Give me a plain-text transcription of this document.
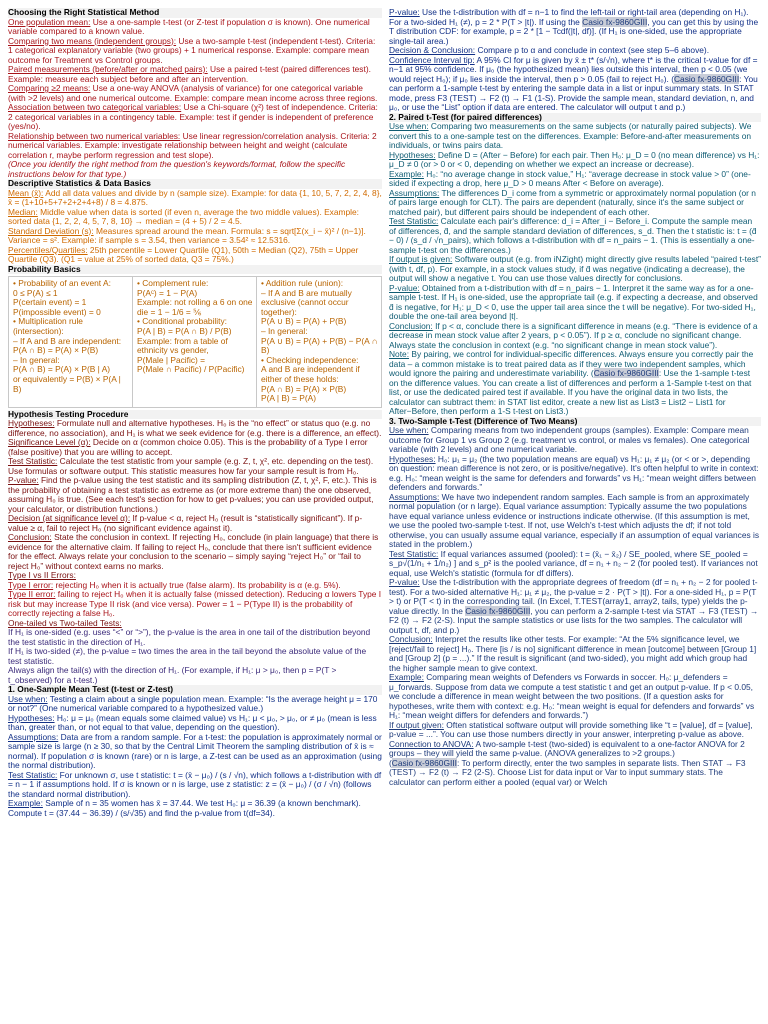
Choosing the Right Statistical Method

One population mean: Use a one-sample t-test (or Z-test if population σ is known). One numerical variable compared to a known value.

Comparing two means (independent groups): Use a two-sample t-test (independent t-test). Criteria: 1 categorical explanatory variable (two groups) + 1 numerical response. Example: compare mean outcome for Treatment vs Control groups.

Paired measurements (before/after or matched pairs): Use a paired t-test (paired differences test). Example: measure each subject before and after an intervention.

Comparing ≥2 means: Use a one-way ANOVA (analysis of variance) for one categorical variable (with >2 levels) and one numerical outcome. Example: compare mean income across three regions.

Association between two categorical variables: Use a Chi-square (χ²) test of independence. Criteria: 2 categorical variables in a contingency table. Example: test if gender is independent of preference (yes/no).

Relationship between two numerical variables: Use linear regression/correlation analysis. Criteria: 2 numerical variables. Example: investigate relationship between height and weight (calculate correlation r, maybe perform regression and test slope).

(Once you identify the right method from the question's keywords/format, follow the specific instructions below for that type.)

Descriptive Statistics & Data Basics

Mean (x̄): Add all data values and divide by n (sample size). Example: for data {1, 10, 5, 7, 2, 2, 4, 8}, x̄ = (1+10+5+7+2+2+4+8) / 8 = 4.875.

Median: Middle value when data is sorted (if even n, average the two middle values). Example: sorted data {1, 2, 2, 4, 5, 7, 8, 10} → median = (4 + 5) / 2 = 4.5.

Standard Deviation (s): Measures spread around the mean. Formula: s = sqrt[Σ(x_i − x̄)² / (n−1)]. Variance = s². Example: if sample s = 3.54, then variance = 3.54² ≈ 12.5316.

Percentiles/Quartiles: 25th percentile = Lower Quartile (Q1), 50th = Median (Q2), 75th = Upper Quartile (Q3). (Q1 = value at 25% of sorted data, Q3 = 75%.)

Probability Basics

• Probability of an event A:
0 ≤ P(A) ≤ 1
P(certain event) = 1
P(impossible event) = 0
• Multiplication rule (intersection):
– If A and B are independent:
P(A ∩ B) = P(A) × P(B)
– In general:
P(A ∩ B) = P(A) × P(B | A)
or equivalently = P(B) × P(A | B)
• Complement rule:
P(Aᶜ) = 1 − P(A)
Example: not rolling a 6 on one die = 1 − 1/6 = ⅚
• Conditional probability:
P(A | B) = P(A ∩ B) / P(B)
Example: from a table of ethnicity vs gender,
P(Male | Pacific) =
P(Male ∩ Pacific) / P(Pacific)
• Addition rule (union):
– If A and B are mutually exclusive (cannot occur together):
P(A ∪ B) = P(A) + P(B)
– In general:
P(A ∪ B) = P(A) + P(B) − P(A ∩ B)
• Checking independence:
A and B are independent if either of these holds:
P(A ∩ B) = P(A) × P(B)
P(A | B) = P(A)

Hypothesis Testing Procedure

Hypotheses: Formulate null and alternative hypotheses. H₀ is the “no effect” or status quo (e.g. no difference, no association), and H₁ is what we seek evidence for (e.g. there is a difference, an effect).

Significance Level (α): Decide on α (common choice 0.05). This is the probability of a Type I error (false positive) that you are willing to accept.

Test Statistic: Calculate the test statistic from your sample (e.g. Z, t, χ², etc. depending on the test). Use formulas or software output. This statistic measures how far your sample result is from H₀.

P-value: Find the p-value using the test statistic and its sampling distribution (Z, t, χ², F, etc.). This is the probability of obtaining a test statistic as extreme as (or more extreme than) the one observed, assuming H₀ is true. (See each test's section for how to get p-values; you can use provided output, your calculator, or distribution functions.)

Decision (at significance level α): If p-value < α, reject H₀ (result is “statistically significant”). If p-value ≥ α, fail to reject H₀ (no significant evidence against it).

Conclusion: State the conclusion in context. If rejecting H₀, conclude (in plain language) that there is evidence for the alternative claim. If failing to reject H₀, conclude that there isn't sufficient evidence for the effect. Always relate your conclusion to the scenario – simply saying “reject H₀” or “fail to reject H₀” without context earns no marks.

Type I vs II Errors:

Type I error: rejecting H₀ when it is actually true (false alarm). Its probability is α (e.g. 5%).

Type II error: failing to reject H₀ when it is actually false (missed detection). Reducing α lowers Type I risk but may increase Type II risk (and vice versa). Power = 1 − P(Type II) is the probability of correctly rejecting a false H₀.

One-tailed vs Two-tailed Tests:

If H₁ is one-sided (e.g. uses “<” or “>”), the p-value is the area in one tail of the distribution beyond the test statistic in the direction of H₁.

If H₁ is two-sided (≠), the p-value = two times the area in the tail beyond the absolute value of the test statistic.

Always align the tail(s) with the direction of H₁. (For example, if H₁: μ > μ₀, then p = P(T > t_observed) for a t-test.)

1. One-Sample Mean Test (t-test or Z-test)

Use when: Testing a claim about a single population mean. Example: “Is the average height μ = 170 or not?” (One numerical variable compared to a hypothesized value.)

Hypotheses: H₀: μ = μ₀ (mean equals some claimed value) vs H₁: μ < μ₀, > μ₀, or ≠ μ₀ (mean is less than, greater than, or not equal to that value, depending on the question).

Assumptions: Data are from a random sample. For a t-test: the population is approximately normal or sample size is large (n ≥ 30, so that by the Central Limit Theorem the sampling distribution of x̄ is ≈ normal). If population σ is known (rare) or n is large, a Z-test can be used as an approximation (using the normal distribution).

Test Statistic: For unknown σ, use t statistic: t = (x̄ − μ₀) / (s / √n), which follows a t-distribution with df = n − 1 if assumptions hold. If σ is known or n is large, use z statistic: z = (x̄ − μ₀) / (σ / √n) (follows the standard normal distribution).

Example: Sample of n = 35 women has x̄ = 37.44. We test H₀: μ = 36.39 (a known benchmark). Compute t = (37.44 − 36.39) / (s/√35) and find the p-value from t(df=34).

P-value: Use the t-distribution with df = n−1 to find the left-tail or right-tail area (depending on H₁). For a two-sided H₁ (≠), p = 2 * P(T > |t|). If using the Casio fx-9860GIII, you can get this by using the T distribution CDF: for example, p = 2 * [1 − Tcdf(|t|, df)]. (If H₁ is one-sided, use the appropriate single-tail area.)

Decision & Conclusion: Compare p to α and conclude in context (see step 5–6 above).

Confidence Interval tip: A 95% CI for μ is given by x̄ ± t* (s/√n), where t* is the critical t-value for df = n−1 at 95% confidence. If μ₀ (the hypothesized mean) lies outside this interval, then p < 0.05 (we would reject H₀); if μ₀ lies inside the interval, then p > 0.05 (fail to reject H₀). (Casio fx-9860GIII: You can perform a 1-sample t-test by entering the sample data in a list or input summary stats. In STAT mode, press F3 (TEST) → F2 (t) → F1 (1-S). Provide the sample mean, standard deviation, n, and μ₀, or use the “List” option if data are entered. The calculator will output t and p.)

2. Paired t-Test (for paired differences)

Use when: Comparing two measurements on the same subjects (or naturally paired subjects). We convert this to a one-sample test on the differences. Example: Before-and-after measurements on individuals, or twins pairs data.

Hypotheses: Define D = (After − Before) for each pair. Then H₀: μ_D = 0 (no mean difference) vs H₁: μ_D ≠ 0 (or > 0 or < 0, depending on whether we expect an increase or decrease).

Example: H₀: “no average change in stock value,” H₁: “average decrease in stock value > 0” (one-sided if expecting a drop, here μ_D > 0 means After < Before on average).

Assumptions: The differences D_i come from a symmetric or approximately normal population (or n of pairs large enough for CLT). The pairs are dependent (naturally, since it's the same subject or matched pair), but different pairs should be independent of each other.

Test Statistic: Calculate each pair's difference: d_i = After_i − Before_i. Compute the sample mean of differences, d̄, and the sample standard deviation of differences, s_d. Then the t statistic is: t = (d̄ − 0) / (s_d / √n_pairs), which follows a t-distribution with df = n_pairs − 1. (This is essentially a one-sample t-test on the differences.)

If output is given: Software output (e.g. from iNZight) might directly give results labeled “paired t-test” (with t, df, p). For example, in a stock values study, if d̄ was negative (indicating a decrease), the output will show a negative t. You can use those values directly for conclusions.

P-value: Obtained from a t-distribution with df = n_pairs − 1. Interpret it the same way as for a one-sample t-test. If H₁ is one-sided, use the appropriate tail (e.g. if expecting a decrease, and observed d̄ is negative, for H₁: μ_D < 0, use the upper tail area since the t will be negative). For two-sided H₁, double the one-tail area beyond |t|.

Conclusion: If p < α, conclude there is a significant difference in means (e.g. “There is evidence of a decrease in mean stock value after 2 years, p < 0.05”). If p ≥ α, conclude no significant change. Always state the conclusion in context (e.g. “no significant change in mean stock value”).

Note: By pairing, we control for individual-specific differences. Always ensure you correctly pair the data – a common mistake is to treat paired data as if they were two independent samples, which would ignore the pairing and underestimate variability. (Casio fx-9860GIII: Use the 1-sample t-test on the difference values. You can create a list of differences and perform a 1-Sample t-test on that list, or use the dedicated paired test if available. If you have the original data in two lists, the calculator can subtract them: in STAT list editor, create a new list as List3 = List2 − List1 for After−Before, then perform a 1-S t-test on List3.)

3. Two-Sample t-Test (Difference of Two Means)

Use when: Comparing means from two independent groups (samples). Example: Compare mean outcome for Group 1 vs Group 2 (e.g. treatment vs control, or males vs females). One categorical variable (with 2 levels) and one numerical variable.

Hypotheses: H₀: μ₁ = μ₂ (the two population means are equal) vs H₁: μ₁ ≠ μ₂ (or < or >, depending on question: mean difference is not zero, or is positive/negative). It's often helpful to write in context: e.g. H₀: “mean weight is the same for defenders and forwards” vs H₁: “mean weight differs between defenders and forwards.”

Assumptions: We have two independent random samples. Each sample is from an approximately normal population (or n large). Equal variance assumption: Typically assume the two populations have equal variance unless evidence or instructions indicate otherwise. (If this assumption is met, we use the pooled two-sample t-test. If not, use Welch's t-test which adjusts the df; if not told otherwise, you can usually assume equal variance, especially if an assumption of equal variances is stated in the problem.)

Test Statistic: If equal variances assumed (pooled): t = (x̄₁ − x̄₂) / SE_pooled, where SE_pooled = s_p√(1/n₁ + 1/n₂) ] and s_p² is the pooled variance, df = n₁ + n₂ − 2 (for pooled test). If variances not equal, use Welch's statistic (formula for df differs).

P-value: Use the t-distribution with the appropriate degrees of freedom (df = n₁ + n₂ − 2 for pooled t-test). For a two-sided alternative H₁: μ₁ ≠ μ₂, the p-value = 2 · P(T > |t|). For a one-sided H₁, p = P(T > t) or P(T < t) in the corresponding tail. (In Excel, T.TEST(array1, array2, tails, type) yields the p-value directly. In the Casio fx-9860GIII, you can perform a 2-sample t-test via STAT → F3 (TEST) → F2 (t) → F2 (2-S). Input the sample statistics or use lists for the two samples. The calculator will output t, df, and p.)

Conclusion: Interpret the results like other tests. For example: “At the 5% significance level, we [reject/fail to reject] H₀. There [is / is no] significant difference in mean [outcome] between [Group 1] and [Group 2] (p = ...).” If the result is significant (and two-sided), you might add which group had the higher sample mean to give context.

Example: Comparing mean weights of Defenders vs Forwards in soccer. H₀: μ_defenders = μ_forwards. Suppose from data we compute a test statistic t and get an output p-value. If p < 0.05, we conclude a difference in mean weight between the two positions. (If a question asks for hypotheses, write them with context: e.g. H₀: “mean weight is equal for defenders and forwards” vs H₁: “mean weight differs for defenders and forwards.”)

If output given: Often statistical software output will provide something like “t = [value], df = [value], p-value = ...”. You can use those numbers directly in your answer, interpreting p-value as above.

Connection to ANOVA: A two-sample t-test (two-sided) is equivalent to a one-factor ANOVA for 2 groups – they will yield the same p-value. (ANOVA generalizes to >2 groups.)

(Casio fx-9860GIII: To perform directly, enter the two samples in separate lists. Then STAT → F3 (TEST) → F2 (t) → F2 (2-S). Choose List for data input or Var to input summary stats. The calculator can perform either a pooled (equal var) or Welch
